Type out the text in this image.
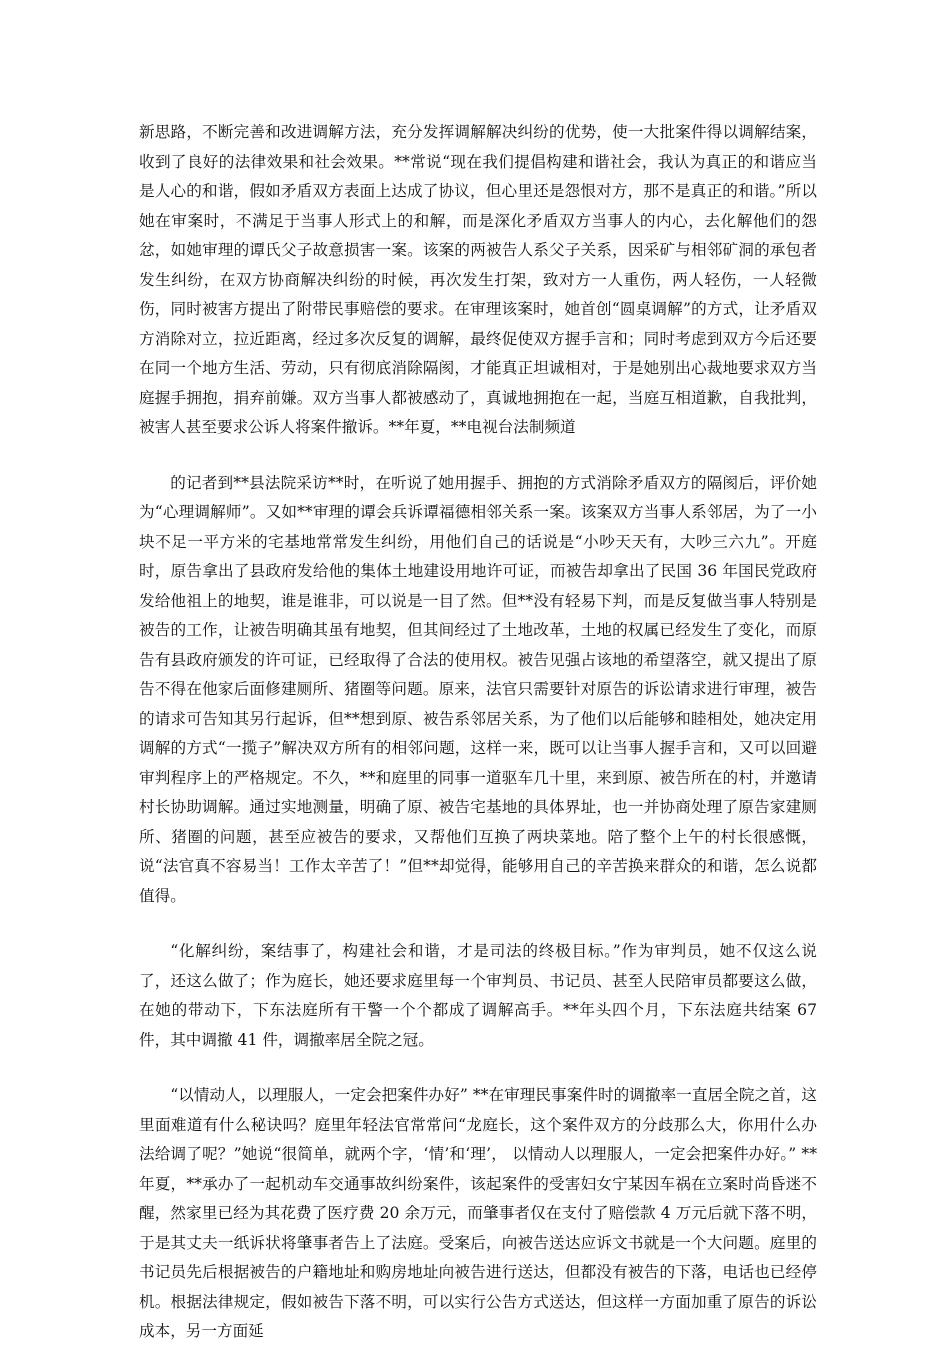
新思路，不断完善和改进调解方法，充分发挥调解解决纠纷的优势，使一大批案件得以调解结案，收到了良好的法律效果和社会效果。**常说“现在我们提倡构建和谐社会，我认为真正的和谐应当是人心的和谐，假如矛盾双方表面上达成了协议，但心里还是怨恨对方，那不是真正的和谐。”所以她在审案时，不满足于当事人形式上的和解，而是深化矛盾双方当事人的内心，去化解他们的怨忿，如她审理的谭氏父子故意损害一案。该案的两被告人系父子关系，因采矿与相邻矿洞的承包者发生纠纷，在双方协商解决纠纷的时候，再次发生打架，致对方一人重伤，两人轻伤，一人轻微伤，同时被害方提出了附带民事赔偿的要求。在审理该案时，她首创“圆桌调解”的方式，让矛盾双方消除对立，拉近距离，经过多次反复的调解，最终促使双方握手言和；同时考虑到双方今后还要在同一个地方生活、劳动，只有彻底消除隔阂，才能真正坦诚相对，于是她别出心裁地要求双方当庭握手拥抱，捐弃前嫌。双方当事人都被感动了，真诚地拥抱在一起，当庭互相道歉，自我批判，被害人甚至要求公诉人将案件撤诉。**年夏，**电视台法制频道

的记者到**县法院采访**时，在听说了她用握手、拥抱的方式消除矛盾双方的隔阂后，评价她为“心理调解师”。又如**审理的谭会兵诉谭福德相邻关系一案。该案双方当事人系邻居，为了一小块不足一平方米的宅基地常常发生纠纷，用他们自己的话说是“小吵天天有，大吵三六九”。开庭时，原告拿出了县政府发给他的集体土地建设用地许可证，而被告却拿出了民国 36 年国民党政府发给他祖上的地契，谁是谁非，可以说是一目了然。但**没有轻易下判，而是反复做当事人特别是被告的工作，让被告明确其虽有地契，但其间经过了土地改革，土地的权属已经发生了变化，而原告有县政府颁发的许可证，已经取得了合法的使用权。被告见强占该地的希望落空，就又提出了原告不得在他家后面修建厕所、猪圈等问题。原来，法官只需要针对原告的诉讼请求进行审理，被告的请求可告知其另行起诉，但**想到原、被告系邻居关系，为了他们以后能够和睦相处，她决定用调解的方式“一揽子”解决双方所有的相邻问题，这样一来，既可以让当事人握手言和，又可以回避审判程序上的严格规定。不久，**和庭里的同事一道驱车几十里，来到原、被告所在的村，并邀请村长协助调解。通过实地测量，明确了原、被告宅基地的具体界址，也一并协商处理了原告家建厕所、猪圈的问题，甚至应被告的要求，又帮他们互换了两块菜地。陪了整个上午的村长很感慨，说“法官真不容易当！工作太辛苦了！”但**却觉得，能够用自己的辛苦换来群众的和谐，怎么说都值得。

“化解纠纷，案结事了，构建社会和谐，才是司法的终极目标。”作为审判员，她不仅这么说了，还这么做了；作为庭长，她还要求庭里每一个审判员、书记员、甚至人民陪审员都要这么做，在她的带动下，下东法庭所有干警一个个都成了调解高手。**年头四个月，下东法庭共结案 67 件，其中调撤 41 件，调撤率居全院之冠。

“以情动人，以理服人，一定会把案件办好” **在审理民事案件时的调撤率一直居全院之首，这里面难道有什么秘诀吗？庭里年轻法官常常问“龙庭长，这个案件双方的分歧那么大，你用什么办法给调了呢？”她说“很简单，就两个字，‘情’和‘理’， 以情动人以理服人，一定会把案件办好。” **年夏，**承办了一起机动车交通事故纠纷案件，该起案件的受害妇女宁某因车祸在立案时尚昏迷不醒，然家里已经为其花费了医疗费 20 余万元，而肇事者仅在支付了赔偿款 4 万元后就下落不明，于是其丈夫一纸诉状将肇事者告上了法庭。受案后，向被告送达应诉文书就是一个大问题。庭里的书记员先后根据被告的户籍地址和购房地址向被告进行送达，但都没有被告的下落，电话也已经停机。根据法律规定，假如被告下落不明，可以实行公告方式送达，但这样一方面加重了原告的诉讼成本，另一方面延
